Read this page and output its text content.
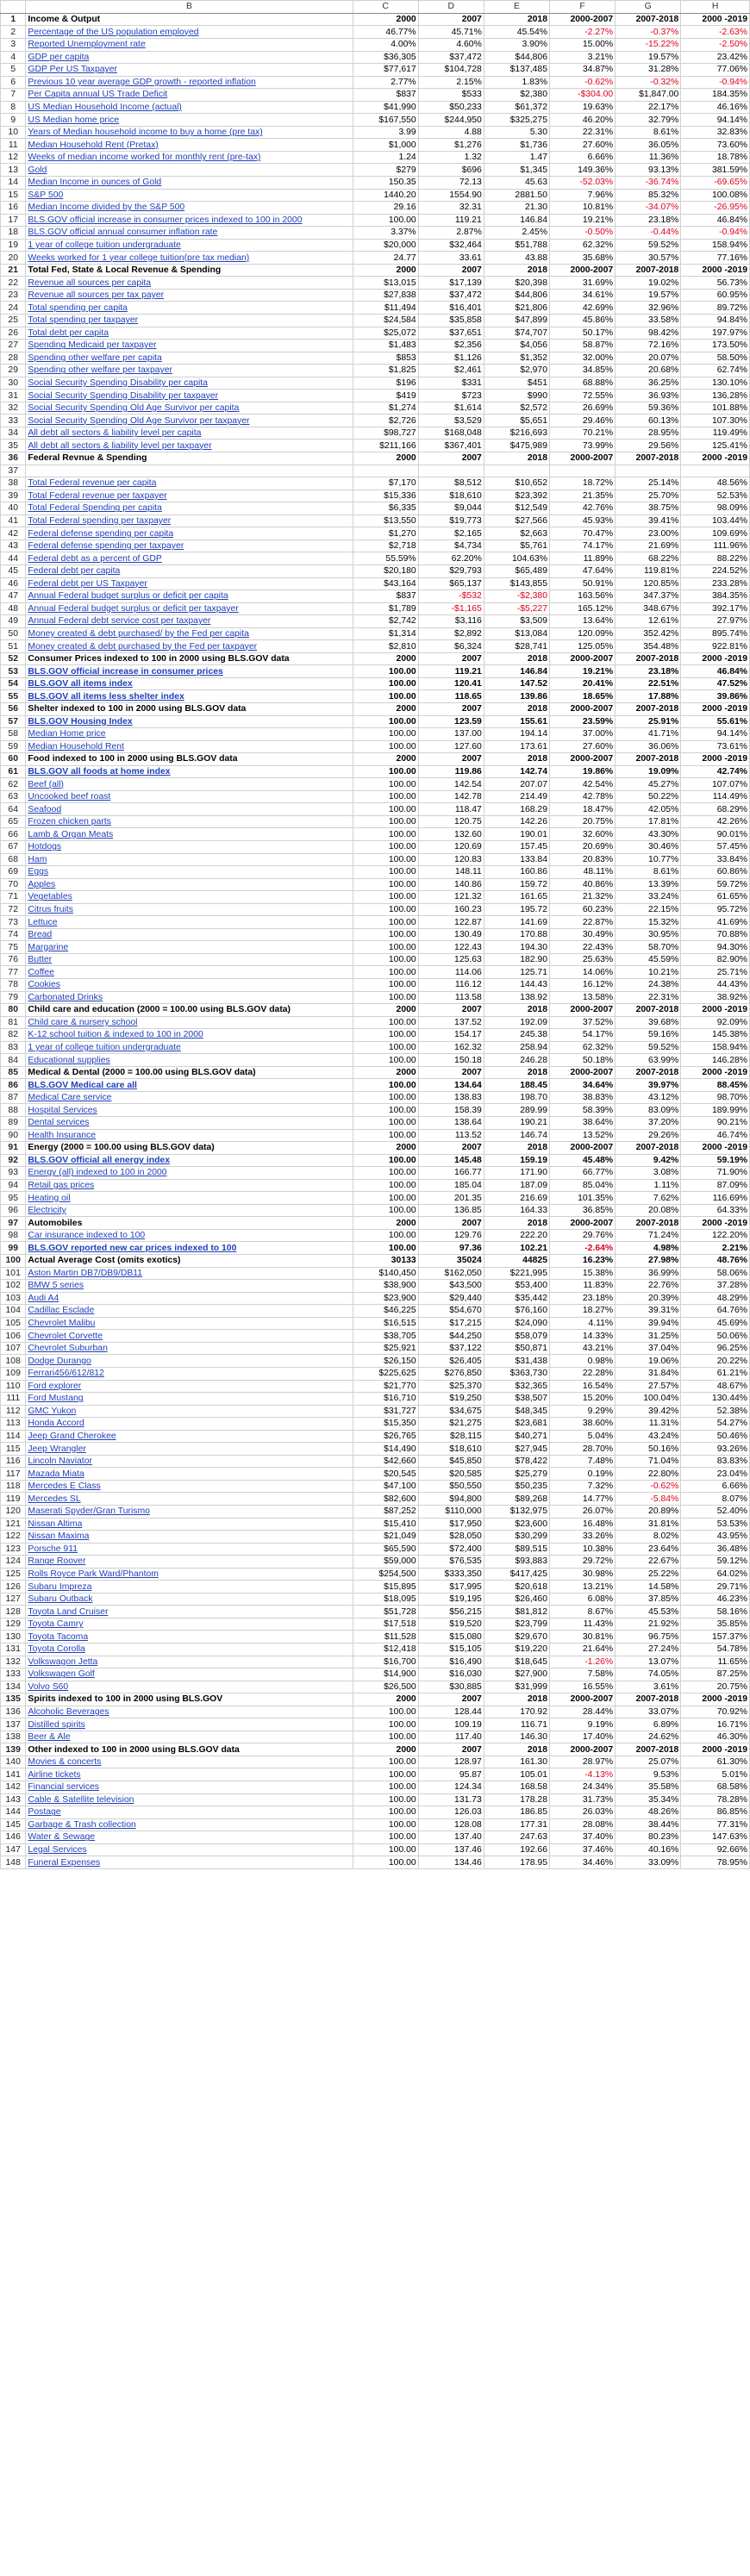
	B	C	D	E	F	G	H
1	Income & Output	2000	2007	2018	2000-2007	2007-2018	2000 -2019
2	Percentage of the US population employed	46.77%	45.71%	45.54%	-2.27%	-0.37%	-2.63%
3	Reported Unemployment rate	4.00%	4.60%	3.90%	15.00%	-15.22%	-2.50%
4	GDP per capita	$36,305	$37,472	$44,806	3.21%	19.57%	23.42%
5	GDP Per US Taxpayer	$77,617	$104,728	$137,485	34.87%	31.28%	77.06%
6	Previous 10 year average GDP growth - reported inflation	2.77%	2.15%	1.83%	-0.62%	-0.32%	-0.94%
7	Per Capita annual US Trade Deficit	$837	$533	$2,380	-$304.00	$1,847.00	184.35%
8	US Median Household Income (actual)	$41,990	$50,233	$61,372	19.63%	22.17%	46.16%
9	US Median home price	$167,550	$244,950	$325,275	46.20%	32.79%	94.14%
10	Years of Median household income to buy a home (pre tax)	3.99	4.88	5.30	22.31%	8.61%	32.83%
11	Median Household Rent (Pretax)	$1,000	$1,276	$1,736	27.60%	36.05%	73.60%
12	Weeks of median income worked for monthly rent (pre-tax)	1.24	1.32	1.47	6.66%	11.36%	18.78%
13	Gold	$279	$696	$1,345	149.36%	93.13%	381.59%
14	Median Income in ounces of Gold	150.35	72.13	45.63	-52.03%	-36.74%	-69.65%
15	S&P 500	1440.20	1554.90	2881.50	7.96%	85.32%	100.08%
16	Median Income divided by the S&P 500	29.16	32.31	21.30	10.81%	-34.07%	-26.95%
17	BLS.GOV official increase in consumer prices indexed to 100 in 2000	100.00	119.21	146.84	19.21%	23.18%	46.84%
18	BLS.GOV official annual consumer inflation rate	3.37%	2.87%	2.45%	-0.50%	-0.44%	-0.94%
19	1 year of college tuition undergraduate	$20,000	$32,464	$51,788	62.32%	59.52%	158.94%
20	Weeks worked for 1 year college tuition(pre tax median)	24.77	33.61	43.88	35.68%	30.57%	77.16%
21	Total Fed, State & Local Revenue & Spending	2000	2007	2018	2000-2007	2007-2018	2000 -2019
22	Revenue all sources per capita	$13,015	$17,139	$20,398	31.69%	19.02%	56.73%
23	Revenue all sources per tax payer	$27,838	$37,472	$44,806	34.61%	19.57%	60.95%
24	Total spending per capita	$11,494	$16,401	$21,806	42.69%	32.96%	89.72%
25	Total spending per taxpayer	$24,584	$35,858	$47,899	45.86%	33.58%	94.84%
26	Total debt per capita	$25,072	$37,651	$74,707	50.17%	98.42%	197.97%
27	Spending Medicaid per taxpayer	$1,483	$2,356	$4,056	58.87%	72.16%	173.50%
28	Spending other welfare per capita	$853	$1,126	$1,352	32.00%	20.07%	58.50%
29	Spending other welfare per taxpayer	$1,825	$2,461	$2,970	34.85%	20.68%	62.74%
30	Social Security Spending Disability per capita	$196	$331	$451	68.88%	36.25%	130.10%
31	Social Security Spending Disability per taxpayer	$419	$723	$990	72.55%	36.93%	136.28%
32	Social Security Spending Old Age Survivor per capita	$1,274	$1,614	$2,572	26.69%	59.36%	101.88%
33	Social Security Spending Old Age Survivor per taxpayer	$2,726	$3,529	$5,651	29.46%	60.13%	107.30%
34	All debt all sectors & liability level per capita	$98,727	$168,048	$216,693	70.21%	28.95%	119.49%
35	All debt all sectors & liability level per taxpayer	$211,166	$367,401	$475,989	73.99%	29.56%	125.41%
36	Federal Revnue & Spending	2000	2007	2018	2000-2007	2007-2018	2000 -2019
37							
38	Total Federal revenue per capita	$7,170	$8,512	$10,652	18.72%	25.14%	48.56%
39	Total Federal revenue per taxpayer	$15,336	$18,610	$23,392	21.35%	25.70%	52.53%
40	Total Federal Spending per capita	$6,335	$9,044	$12,549	42.76%	38.75%	98.09%
41	Total Federal spending per taxpayer	$13,550	$19,773	$27,566	45.93%	39.41%	103.44%
42	Federal defense spending per capita	$1,270	$2,165	$2,663	70.47%	23.00%	109.69%
43	Federal defense spending per taxpayer	$2,718	$4,734	$5,761	74.17%	21.69%	111.96%
44	Federal debt as a percent of GDP	55.59%	62.20%	104.63%	11.89%	68.22%	88.22%
45	Federal debt per capita	$20,180	$29,793	$65,489	47.64%	119.81%	224.52%
46	Federal debt per US Taxpayer	$43,164	$65,137	$143,855	50.91%	120.85%	233.28%
47	Annual Federal budget surplus or deficit per capita	$837	-$532	-$2,380	163.56%	347.37%	384.35%
48	Annual Federal budget surplus or deficit per taxpayer	$1,789	-$1,165	-$5,227	165.12%	348.67%	392.17%
49	Annual Federal debt service cost per taxpayer	$2,742	$3,116	$3,509	13.64%	12.61%	27.97%
50	Money created & debt purchased/ by the Fed per capita	$1,314	$2,892	$13,084	120.09%	352.42%	895.74%
51	Money created & debt purchased by the Fed per taxpayer	$2,810	$6,324	$28,741	125.05%	354.48%	922.81%
52	Consumer Prices indexed to 100 in 2000 using BLS.GOV data	2000	2007	2018	2000-2007	2007-2018	2000 -2019
53	BLS.GOV official increase in consumer prices	100.00	119.21	146.84	19.21%	23.18%	46.84%
54	BLS.GOV all items index	100.00	120.41	147.52	20.41%	22.51%	47.52%
55	BLS.GOV all items less shelter index	100.00	118.65	139.86	18.65%	17.88%	39.86%
56	Shelter indexed to 100 in 2000 using BLS.GOV data	2000	2007	2018	2000-2007	2007-2018	2000 -2019
57	BLS.GOV Housing Index	100.00	123.59	155.61	23.59%	25.91%	55.61%
58	Median Home price	100.00	137.00	194.14	37.00%	41.71%	94.14%
59	Median Household Rent	100.00	127.60	173.61	27.60%	36.06%	73.61%
60	Food indexed to 100 in 2000 using BLS.GOV data	2000	2007	2018	2000-2007	2007-2018	2000 -2019
61	BLS.GOV all foods at home index	100.00	119.86	142.74	19.86%	19.09%	42.74%
62	Beef (all)	100.00	142.54	207.07	42.54%	45.27%	107.07%
63	Uncooked beef roast	100.00	142.78	214.49	42.78%	50.22%	114.49%
64	Seafood	100.00	118.47	168.29	18.47%	42.05%	68.29%
65	Frozen chicken parts	100.00	120.75	142.26	20.75%	17.81%	42.26%
66	Lamb & Organ Meats	100.00	132.60	190.01	32.60%	43.30%	90.01%
67	Hotdogs	100.00	120.69	157.45	20.69%	30.46%	57.45%
68	Ham	100.00	120.83	133.84	20.83%	10.77%	33.84%
69	Eggs	100.00	148.11	160.86	48.11%	8.61%	60.86%
70	Apples	100.00	140.86	159.72	40.86%	13.39%	59.72%
71	Vegetables	100.00	121.32	161.65	21.32%	33.24%	61.65%
72	Citrus fruits	100.00	160.23	195.72	60.23%	22.15%	95.72%
73	Lettuce	100.00	122.87	141.69	22.87%	15.32%	41.69%
74	Bread	100.00	130.49	170.88	30.49%	30.95%	70.88%
75	Margarine	100.00	122.43	194.30	22.43%	58.70%	94.30%
76	Butter	100.00	125.63	182.90	25.63%	45.59%	82.90%
77	Coffee	100.00	114.06	125.71	14.06%	10.21%	25.71%
78	Cookies	100.00	116.12	144.43	16.12%	24.38%	44.43%
79	Carbonated Drinks	100.00	113.58	138.92	13.58%	22.31%	38.92%
80	Child care and education (2000 = 100.00 using BLS.GOV data)	2000	2007	2018	2000-2007	2007-2018	2000 -2019
81	Child care & nursery school	100.00	137.52	192.09	37.52%	39.68%	92.09%
82	K-12 school tuition & indexed to 100 in 2000	100.00	154.17	245.38	54.17%	59.16%	145.38%
83	1 year of college tuition undergraduate	100.00	162.32	258.94	62.32%	59.52%	158.94%
84	Educational supplies	100.00	150.18	246.28	50.18%	63.99%	146.28%
85	Medical & Dental (2000 = 100.00 using BLS.GOV data)	2000	2007	2018	2000-2007	2007-2018	2000 -2019
86	BLS.GOV Medical care all	100.00	134.64	188.45	34.64%	39.97%	88.45%
87	Medical Care service	100.00	138.83	198.70	38.83%	43.12%	98.70%
88	Hospital Services	100.00	158.39	289.99	58.39%	83.09%	189.99%
89	Dental services	100.00	138.64	190.21	38.64%	37.20%	90.21%
90	Health Insurance	100.00	113.52	146.74	13.52%	29.26%	46.74%
91	Energy (2000 = 100.00 using BLS.GOV data)	2000	2007	2018	2000-2007	2007-2018	2000 -2019
92	BLS.GOV official all energy index	100.00	145.48	159.19	45.48%	9.42%	59.19%
93	Energy (all) indexed to 100 in 2000	100.00	166.77	171.90	66.77%	3.08%	71.90%
94	Retail gas prices	100.00	185.04	187.09	85.04%	1.11%	87.09%
95	Heating oil	100.00	201.35	216.69	101.35%	7.62%	116.69%
96	Electricity	100.00	136.85	164.33	36.85%	20.08%	64.33%
97	Automobiles	2000	2007	2018	2000-2007	2007-2018	2000 -2019
98	Car insurance indexed to 100	100.00	129.76	222.20	29.76%	71.24%	122.20%
99	BLS.GOV reported new car prices indexed to 100	100.00	97.36	102.21	-2.64%	4.98%	2.21%
100	Actual Average Cost (omits exotics)	30133	35024	44825	16.23%	27.98%	48.76%
101	Aston Martin DB7/DB9/DB11	$140,450	$162,050	$221,995	15.38%	36.99%	58.06%
102	BMW 5 series	$38,900	$43,500	$53,400	11.83%	22.76%	37.28%
103	Audi A4	$23,900	$29,440	$35,442	23.18%	20.39%	48.29%
104	Cadillac Esclade	$46,225	$54,670	$76,160	18.27%	39.31%	64.76%
105	Chevrolet Malibu	$16,515	$17,215	$24,090	4.11%	39.94%	45.69%
106	Chevrolet Corvette	$38,705	$44,250	$58,079	14.33%	31.25%	50.06%
107	Chevrolet Suburban	$25,921	$37,122	$50,871	43.21%	37.04%	96.25%
108	Dodge Durango	$26,150	$26,405	$31,438	0.98%	19.06%	20.22%
109	Ferrari456/612/812	$225,625	$276,850	$363,730	22.28%	31.84%	61.21%
110	Ford explorer	$21,770	$25,370	$32,365	16.54%	27.57%	48.67%
111	Ford Mustang	$16,710	$19,250	$38,507	15.20%	100.04%	130.44%
112	GMC Yukon	$31,727	$34,675	$48,345	9.29%	39.42%	52.38%
113	Honda Accord	$15,350	$21,275	$23,681	38.60%	11.31%	54.27%
114	Jeep Grand Cherokee	$26,765	$28,115	$40,271	5.04%	43.24%	50.46%
115	Jeep Wrangler	$14,490	$18,610	$27,945	28.70%	50.16%	93.26%
116	Lincoln Naviator	$42,660	$45,850	$78,422	7.48%	71.04%	83.83%
117	Mazada Miata	$20,545	$20,585	$25,279	0.19%	22.80%	23.04%
118	Mercedes E Class	$47,100	$50,550	$50,235	7.32%	-0.62%	6.66%
119	Mercedes SL	$82,600	$94,800	$89,268	14.77%	-5.84%	8.07%
120	Maserati Spyder/Gran Turismo	$87,252	$110,000	$132,975	26.07%	20.89%	52.40%
121	Nissan Altima	$15,410	$17,950	$23,600	16.48%	31.81%	53.53%
122	Nissan Maxima	$21,049	$28,050	$30,299	33.26%	8.02%	43.95%
123	Porsche 911	$65,590	$72,400	$89,515	10.38%	23.64%	36.48%
124	Range Roover	$59,000	$76,535	$93,883	29.72%	22.67%	59.12%
125	Rolls Royce Park Ward/Phantom	$254,500	$333,350	$417,425	30.98%	25.22%	64.02%
126	Subaru Impreza	$15,895	$17,995	$20,618	13.21%	14.58%	29.71%
127	Subaru Outback	$18,095	$19,195	$26,460	6.08%	37.85%	46.23%
128	Toyota Land Cruiser	$51,728	$56,215	$81,812	8.67%	45.53%	58.16%
129	Toyota Camry	$17,518	$19,520	$23,799	11.43%	21.92%	35.85%
130	Toyota Tacoma	$11,528	$15,080	$29,670	30.81%	96.75%	157.37%
131	Toyota Corolla	$12,418	$15,105	$19,220	21.64%	27.24%	54.78%
132	Volkswagon Jetta	$16,700	$16,490	$18,645	-1.26%	13.07%	11.65%
133	Volkswagen Golf	$14,900	$16,030	$27,900	7.58%	74.05%	87.25%
134	Volvo S60	$26,500	$30,885	$31,999	16.55%	3.61%	20.75%
135	Spirits indexed to 100 in 2000 using BLS.GOV	2000	2007	2018	2000-2007	2007-2018	2000 -2019
136	Alcoholic Beverages	100.00	128.44	170.92	28.44%	33.07%	70.92%
137	Distilled spirits	100.00	109.19	116.71	9.19%	6.89%	16.71%
138	Beer & Ale	100.00	117.40	146.30	17.40%	24.62%	46.30%
139	Other indexed to 100 in 2000 using BLS.GOV data	2000	2007	2018	2000-2007	2007-2018	2000 -2019
140	Movies & concerts	100.00	128.97	161.30	28.97%	25.07%	61.30%
141	Airline tickets	100.00	95.87	105.01	-4.13%	9.53%	5.01%
142	Financial services	100.00	124.34	168.58	24.34%	35.58%	68.58%
143	Cable & Satellite television	100.00	131.73	178.28	31.73%	35.34%	78.28%
144	Postage	100.00	126.03	186.85	26.03%	48.26%	86.85%
145	Garbage & Trash collection	100.00	128.08	177.31	28.08%	38.44%	77.31%
146	Water & Sewage	100.00	137.40	247.63	37.40%	80.23%	147.63%
147	Legal Services	100.00	137.46	192.66	37.46%	40.16%	92.66%
148	Funeral Expenses	100.00	134.46	178.95	34.46%	33.09%	78.95%
